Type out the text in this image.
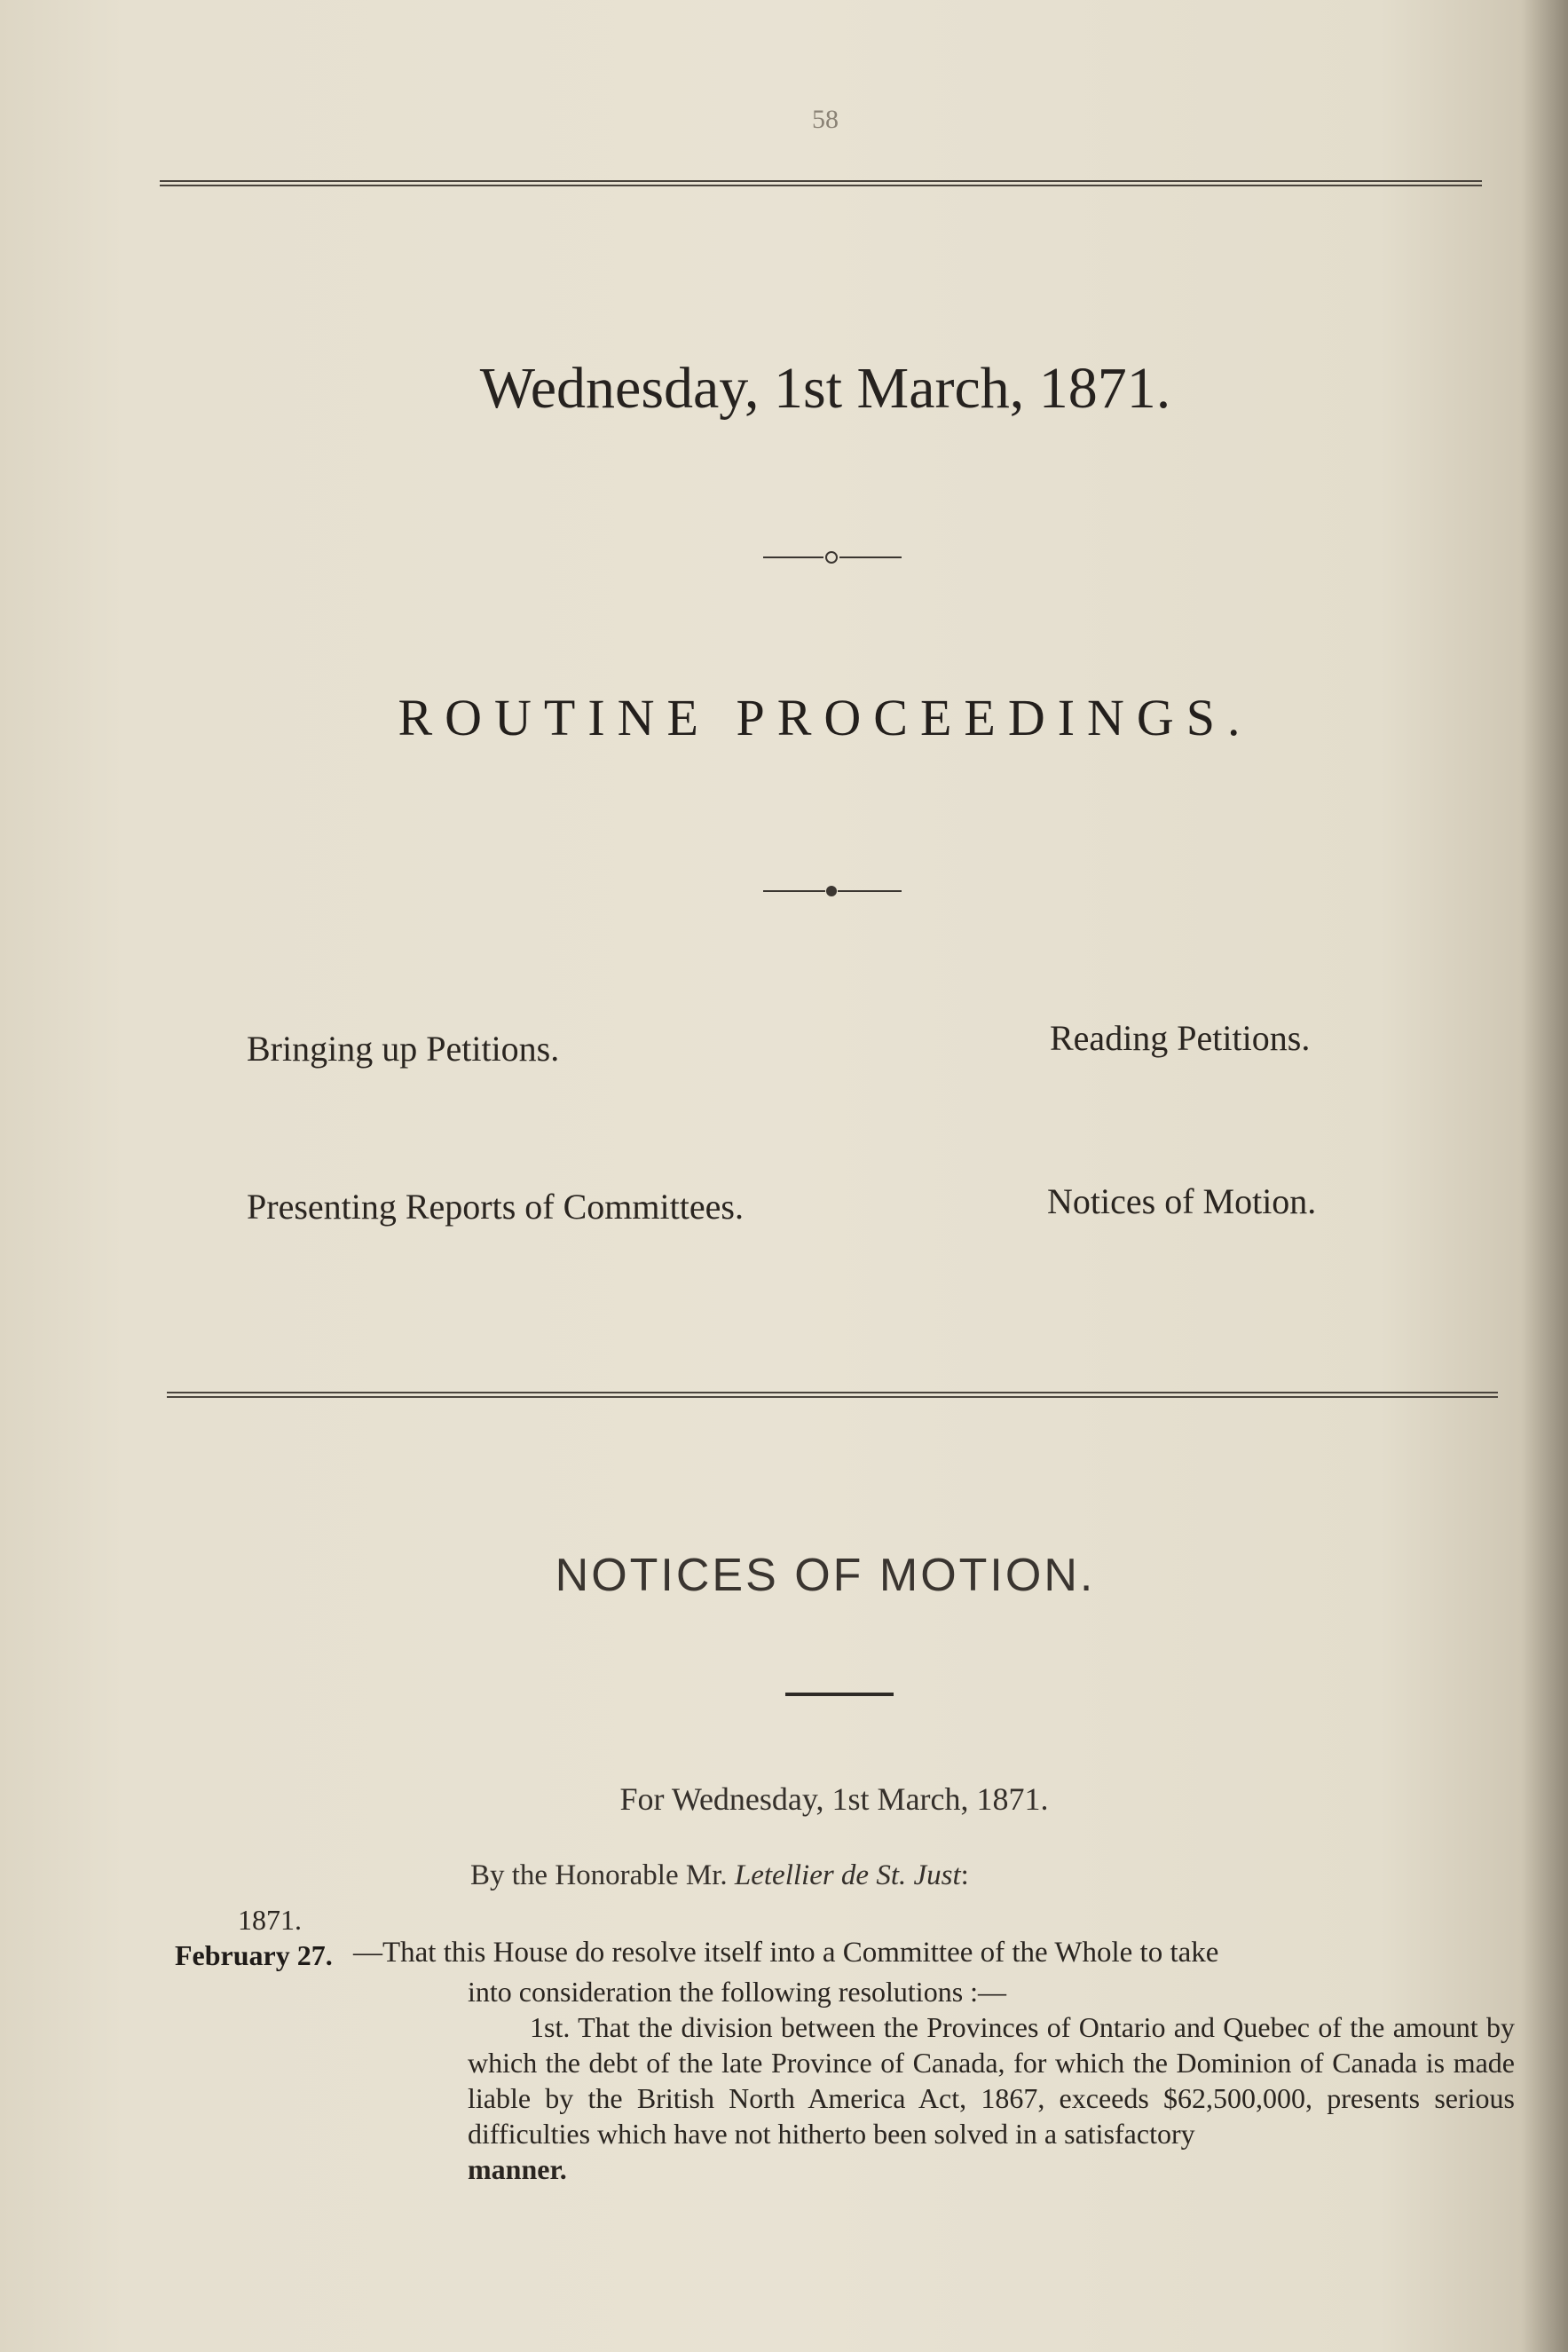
58
Wednesday, 1st March, 1871.
ROUTINE PROCEEDINGS.
Bringing up Petitions.	Reading Petitions.
Presenting Reports of Committees.	Notices of Motion.
NOTICES OF MOTION.
For Wednesday, 1st March, 1871.
By the Honorable Mr. Letellier de St. Just:
1871.
February 27. —That this House do resolve itself into a Committee of the Whole to take

into consideration the following resolutions :—

1st. That the division between the Provinces of Ontario and Quebec of the amount by which the debt of the late Province of Canada, for which the Dominion of Canada is made liable by the British North America Act, 1867, exceeds $62,500,000, presents serious difficulties which have not hitherto been solved in a satisfactory

manner.
